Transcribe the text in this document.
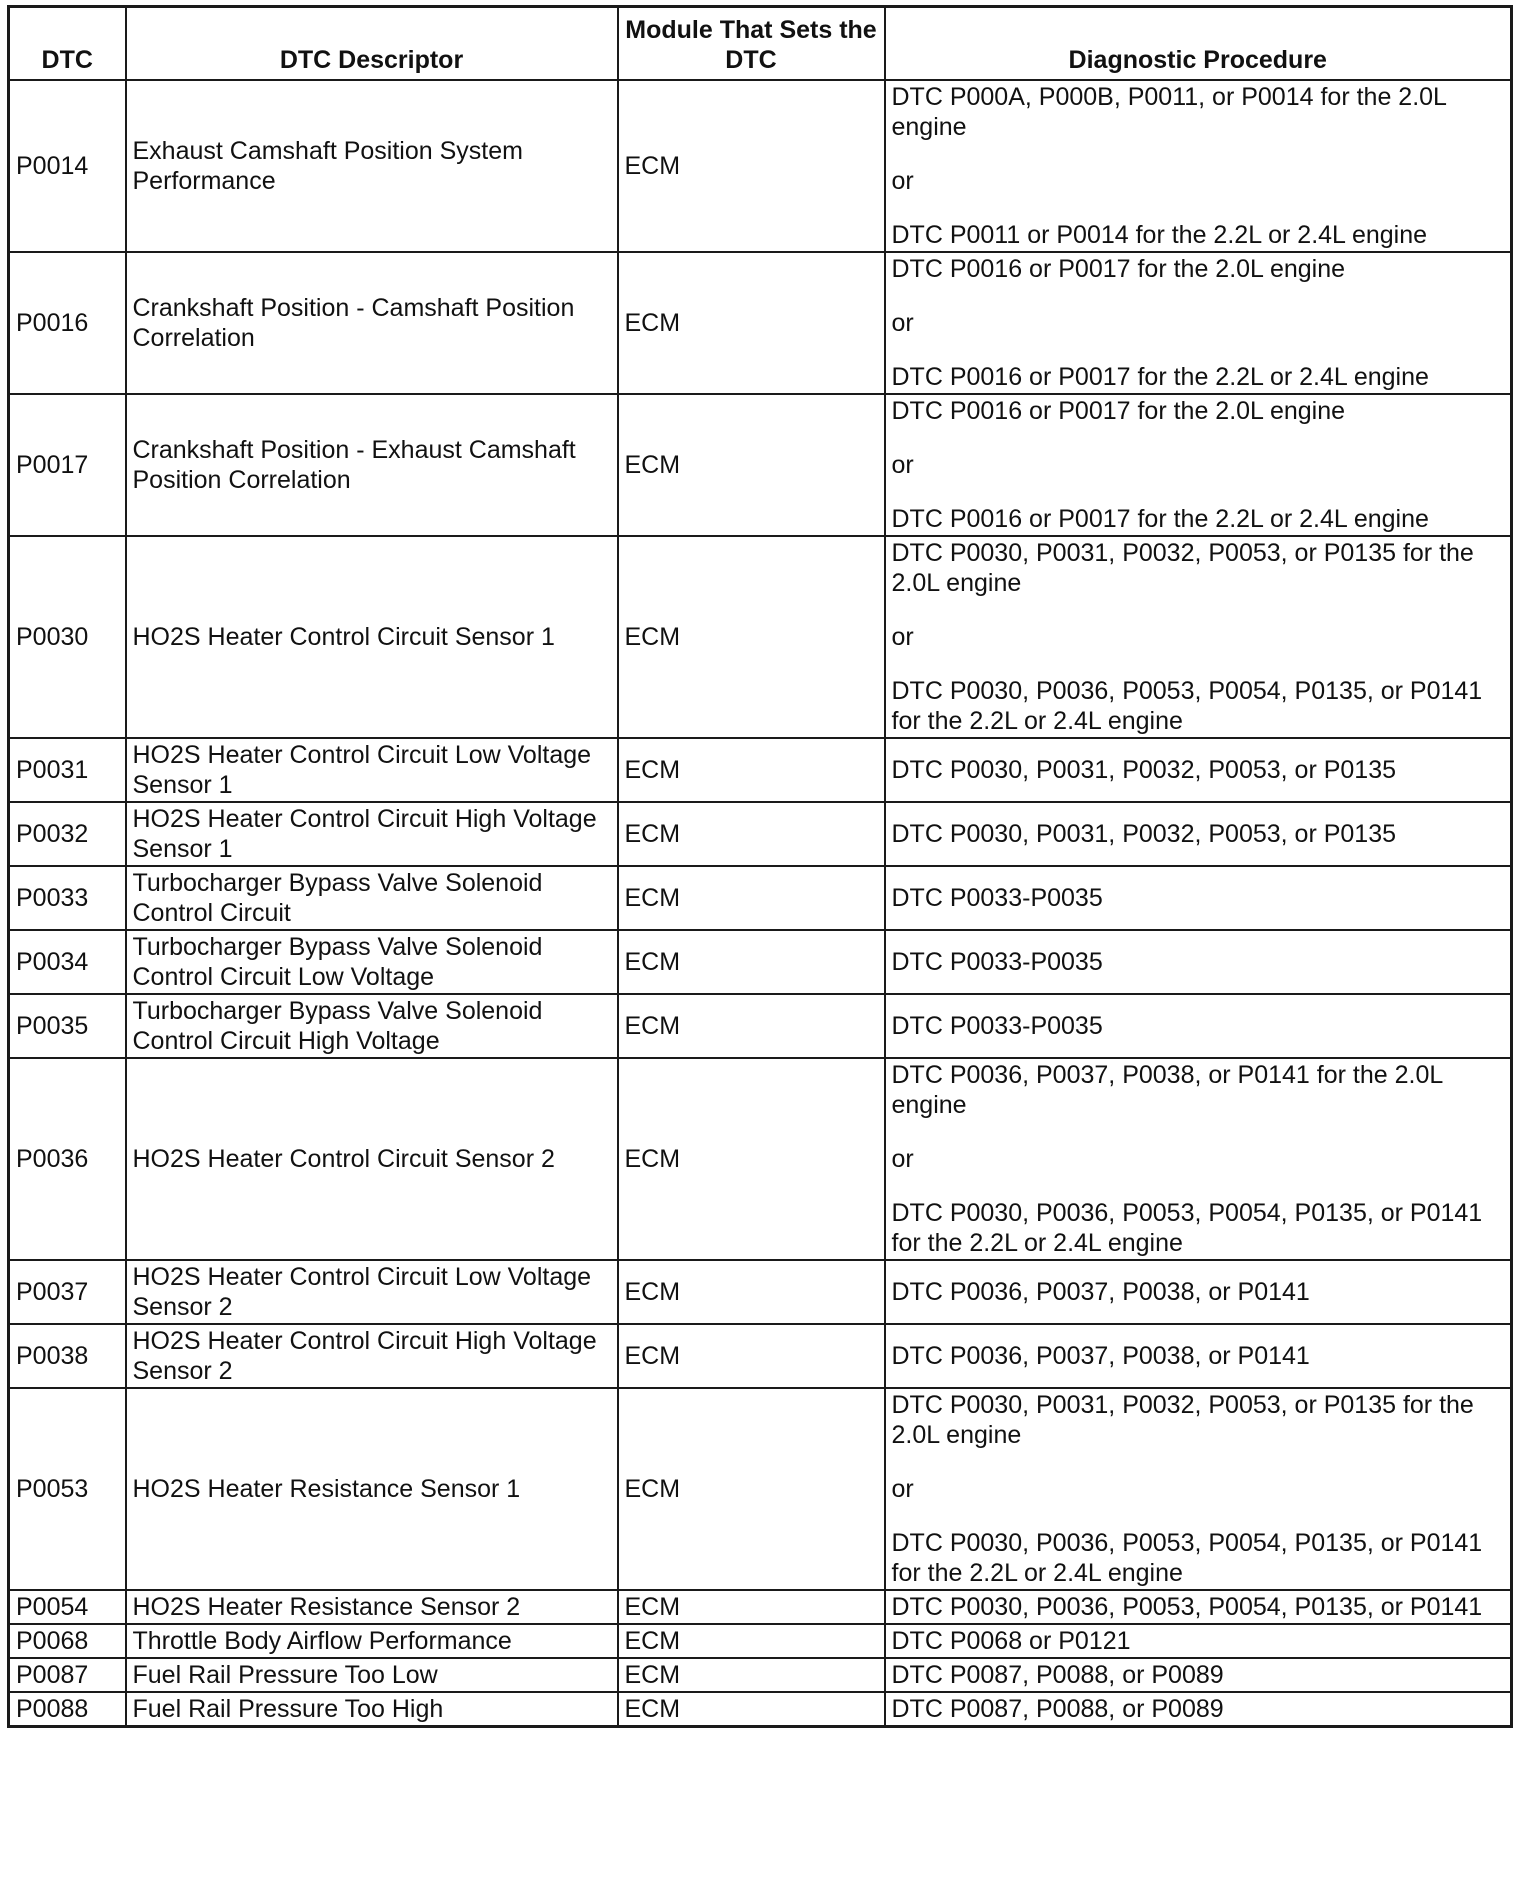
DTC	DTC Descriptor	Module That Sets the DTC	Diagnostic Procedure
P0014	Exhaust Camshaft Position System Performance	ECM	DTC P000A, P000B, P0011, or P0014 for the 2.0L engine
or
DTC P0011 or P0014 for the 2.2L or 2.4L engine

P0016	Crankshaft Position - Camshaft Position Correlation	ECM	DTC P0016 or P0017 for the 2.0L engine
or
DTC P0016 or P0017 for the 2.2L or 2.4L engine

P0017	Crankshaft Position - Exhaust Camshaft Position Correlation	ECM	DTC P0016 or P0017 for the 2.0L engine
or
DTC P0016 or P0017 for the 2.2L or 2.4L engine

P0030	HO2S Heater Control Circuit Sensor 1	ECM	DTC P0030, P0031, P0032, P0053, or P0135 for the 2.0L engine
or
DTC P0030, P0036, P0053, P0054, P0135, or P0141 for the 2.2L or 2.4L engine

P0031	HO2S Heater Control Circuit Low Voltage Sensor 1	ECM	DTC P0030, P0031, P0032, P0053, or P0135

P0032	HO2S Heater Control Circuit High Voltage Sensor 1	ECM	DTC P0030, P0031, P0032, P0053, or P0135

P0033	Turbocharger Bypass Valve Solenoid Control Circuit	ECM	DTC P0033-P0035

P0034	Turbocharger Bypass Valve Solenoid Control Circuit Low Voltage	ECM	DTC P0033-P0035

P0035	Turbocharger Bypass Valve Solenoid Control Circuit High Voltage	ECM	DTC P0033-P0035

P0036	HO2S Heater Control Circuit Sensor 2	ECM	DTC P0036, P0037, P0038, or P0141 for the 2.0L engine
or
DTC P0030, P0036, P0053, P0054, P0135, or P0141 for the 2.2L or 2.4L engine

P0037	HO2S Heater Control Circuit Low Voltage Sensor 2	ECM	DTC P0036, P0037, P0038, or P0141

P0038	HO2S Heater Control Circuit High Voltage Sensor 2	ECM	DTC P0036, P0037, P0038, or P0141

P0053	HO2S Heater Resistance Sensor 1	ECM	DTC P0030, P0031, P0032, P0053, or P0135 for the 2.0L engine
or
DTC P0030, P0036, P0053, P0054, P0135, or P0141 for the 2.2L or 2.4L engine

P0054	HO2S Heater Resistance Sensor 2	ECM	DTC P0030, P0036, P0053, P0054, P0135, or P0141

P0068	Throttle Body Airflow Performance	ECM	DTC P0068 or P0121

P0087	Fuel Rail Pressure Too Low	ECM	DTC P0087, P0088, or P0089

P0088	Fuel Rail Pressure Too High	ECM	DTC P0087, P0088, or P0089
